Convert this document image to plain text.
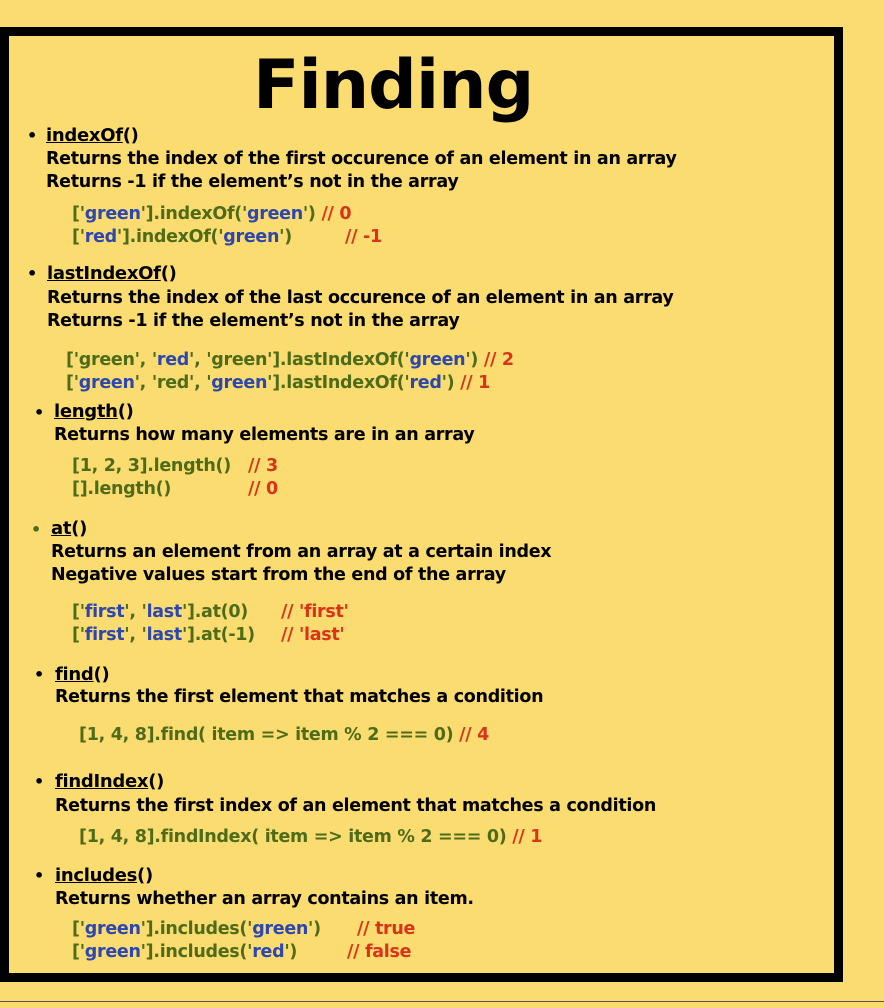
Finding
• indexOf()
Returns the index of the first occurence of an element in an array
Returns -1 if the element’s not in the array
['green'].indexOf('green') // 0
['red'].indexOf('green')	// -1
• lastIndexOf()
Returns the index of the last occurence of an element in an array
Returns -1 if the element’s not in the array
['green', 'red', 'green'].lastIndexOf('green') // 2
['green', 'red', 'green'].lastIndexOf('red') // 1
• length()
Returns how many elements are in an array
[1, 2, 3].length() // 3
[].length()	// 0
• at()
Returns an element from an array at a certain index
Negative values start from the end of the array
['first', 'last'].at(0) // 'first'
['first', 'last'].at(-1) // 'last'
• find()
Returns the first element that matches a condition
[1, 4, 8].find( item => item % 2 === 0) // 4
• findIndex()
Returns the first index of an element that matches a condition
[1, 4, 8].findIndex( item => item % 2 === 0) // 1
• includes()
Returns whether an array contains an item.
['green'].includes('green') // true
['green'].includes('red')	// false
